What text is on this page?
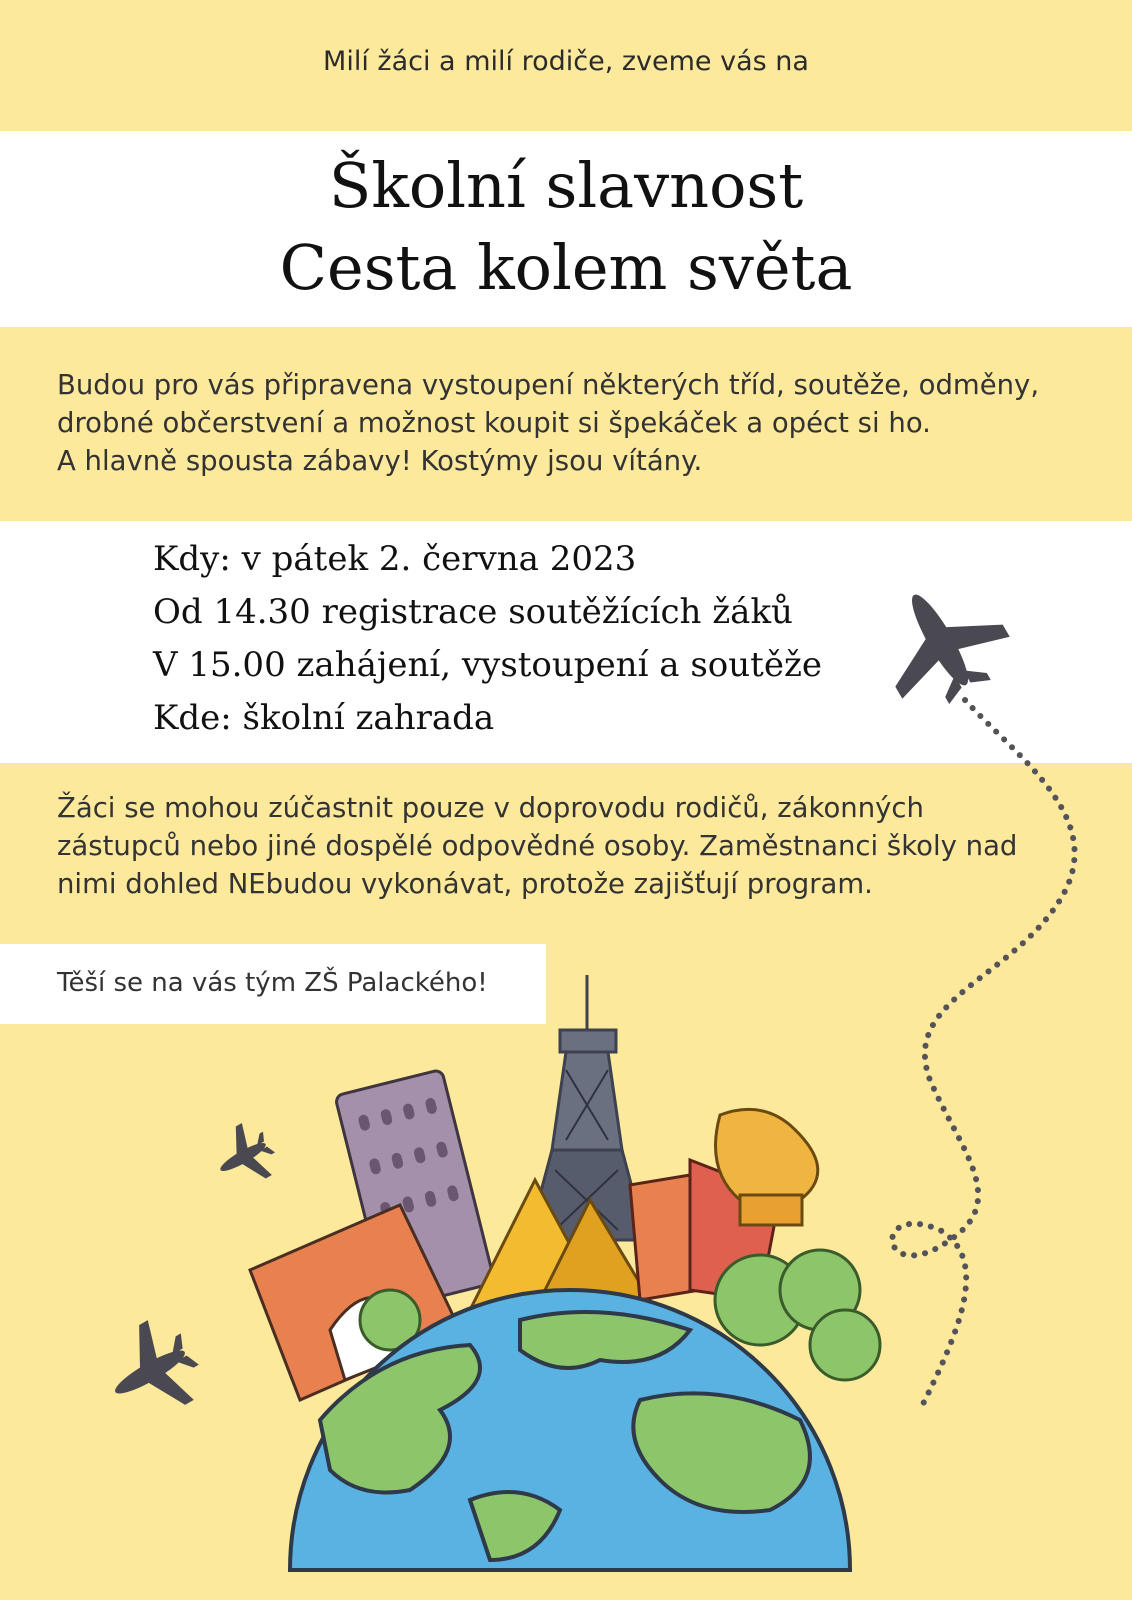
Milí žáci a milí rodiče, zveme vás na
Školní slavnost
Cesta kolem světa
Budou pro vás připravena vystoupení některých tříd, soutěže, odměny,
drobné občerstvení a možnost koupit si špekáček a opéct si ho.
A hlavně spousta zábavy! Kostýmy jsou vítány.
Kdy: v pátek 2. června 2023
Od 14.30 registrace soutěžících žáků
V 15.00 zahájení, vystoupení a soutěže
Kde: školní zahrada
Žáci se mohou zúčastnit pouze v doprovodu rodičů, zákonných
zástupců nebo jiné dospělé odpovědné osoby. Zaměstnanci školy nad
nimi dohled NEbudou vykonávat, protože zajišťují program.
Těší se na vás tým ZŠ Palackého!
